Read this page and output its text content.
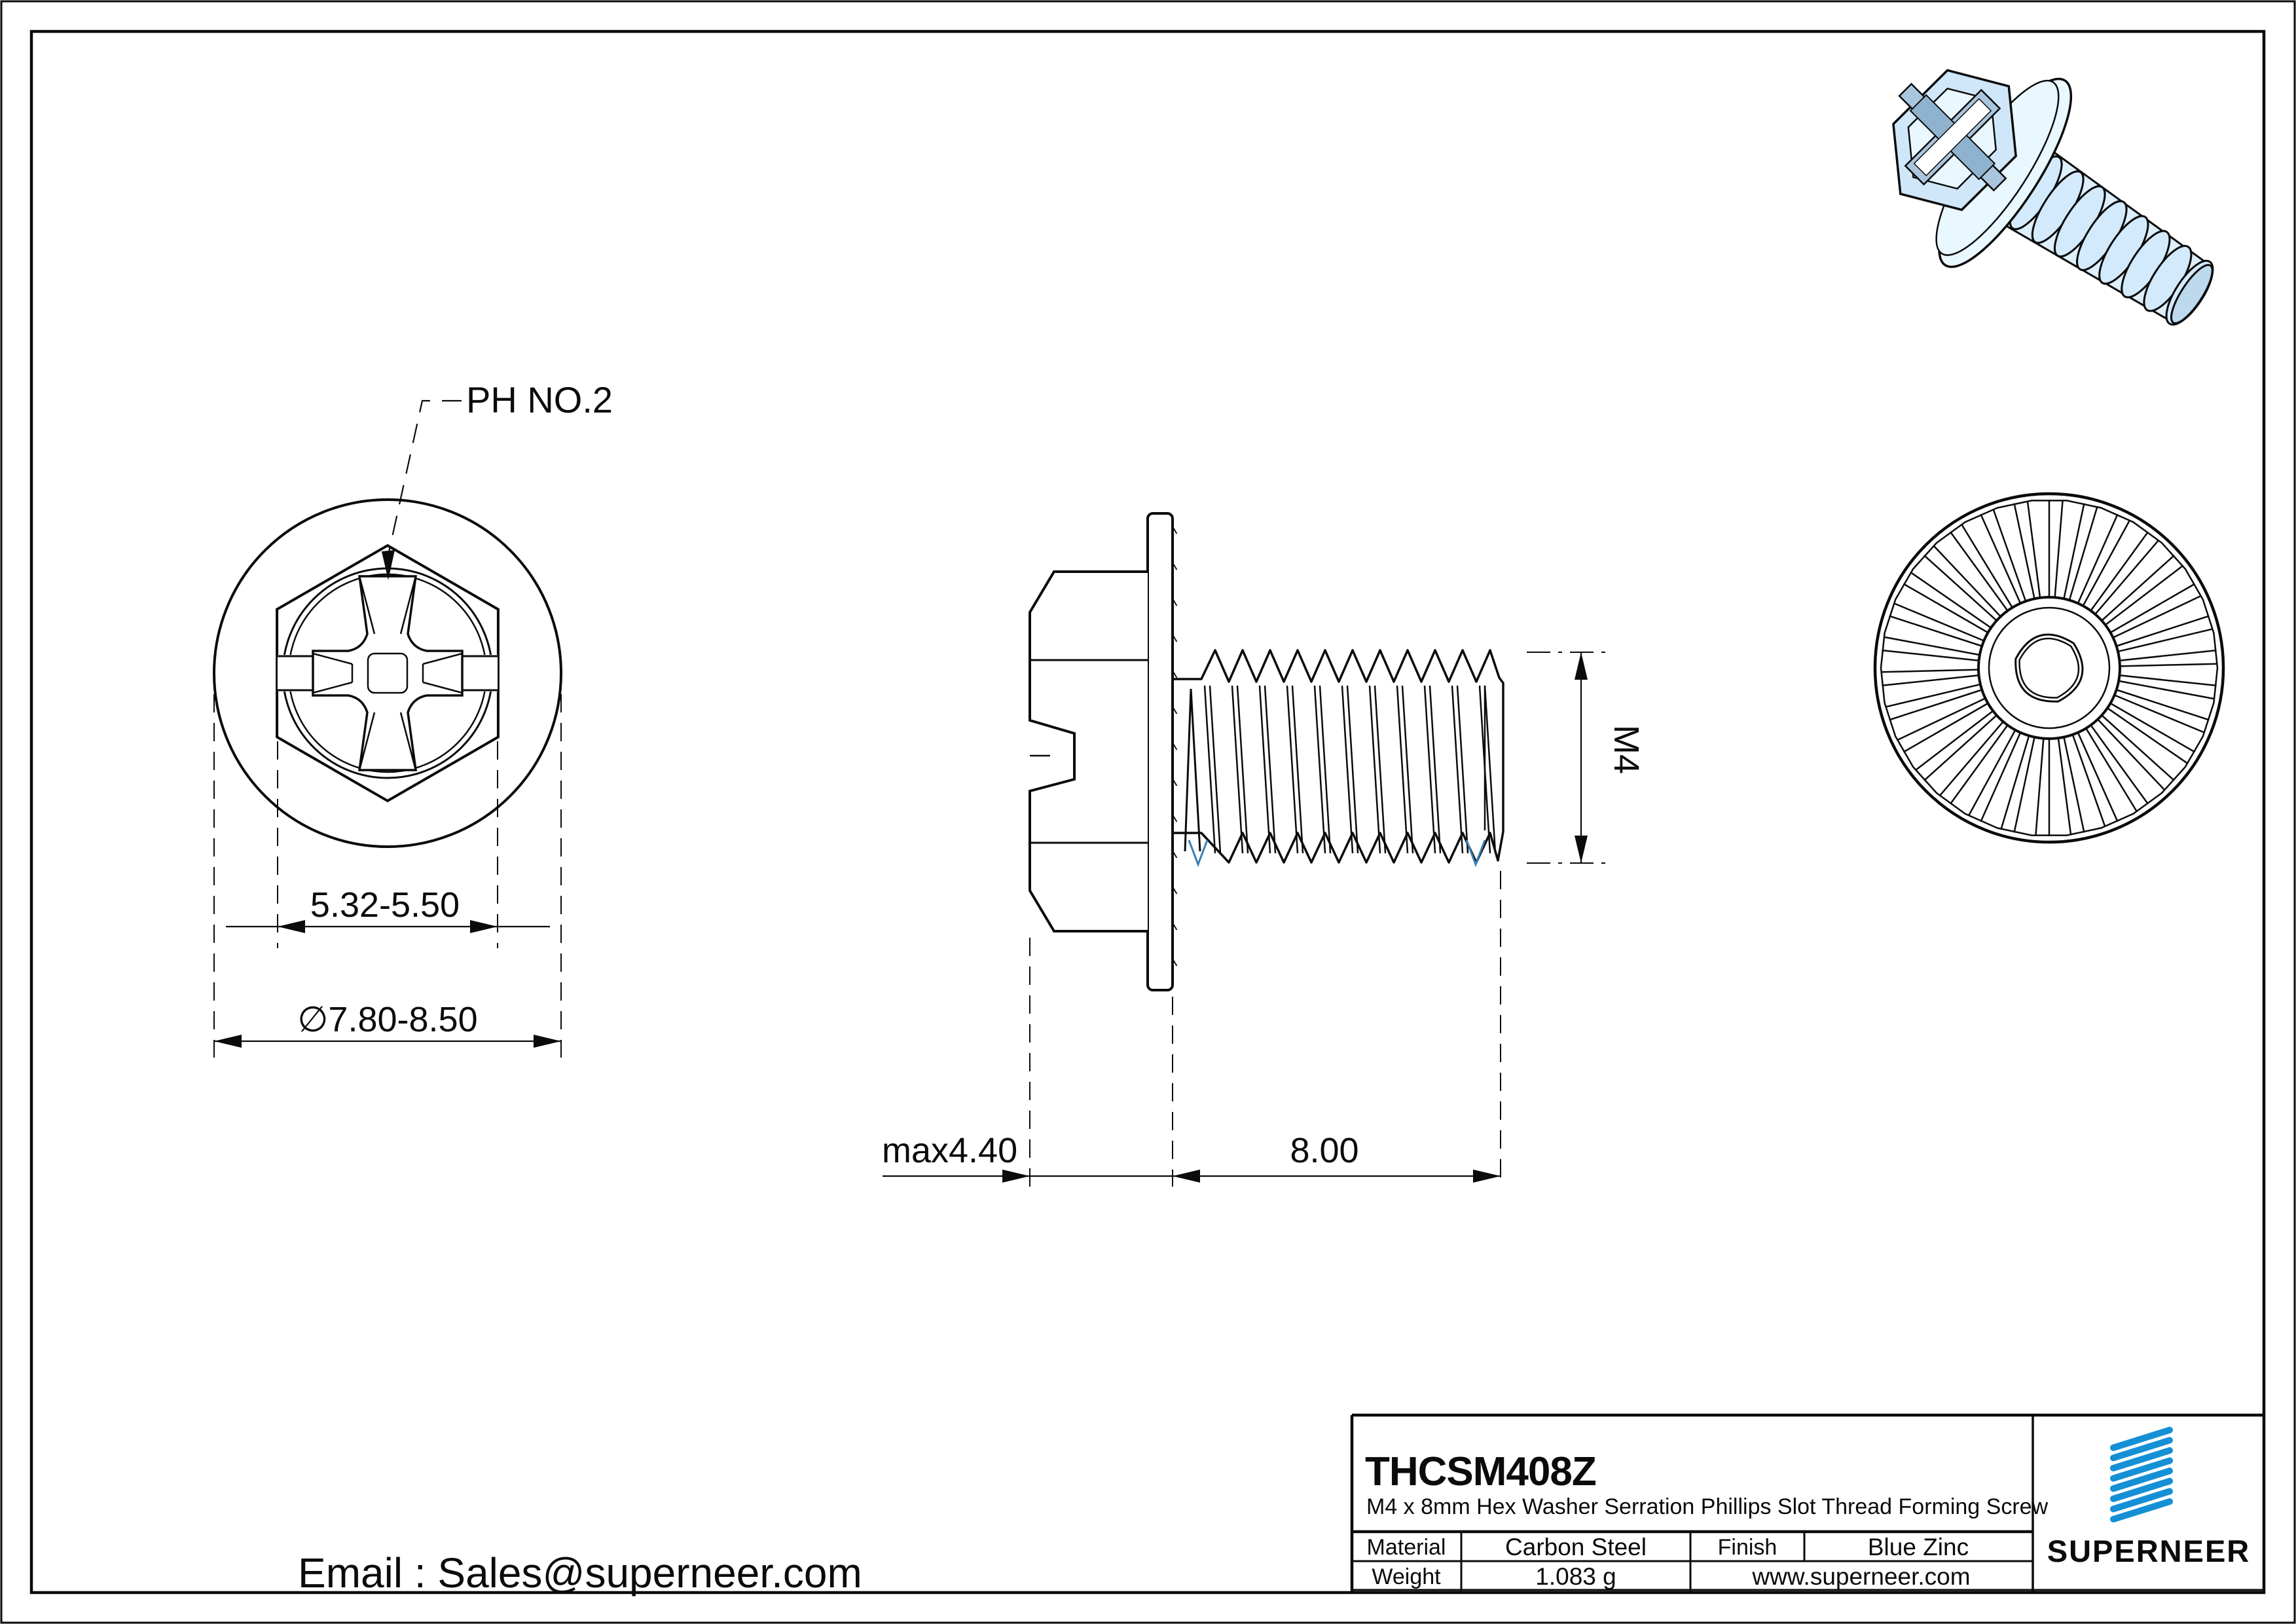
PH NO.2
5.32-5.50
∅7.80-8.50
max4.40	8.00
M4
THCSM408Z
M4 x 8mm Hex Washer Serration Phillips Slot Thread Forming Screw
Material Carbon Steel	Finish	Blue Zinc
Weight	1.083 g	www.superneer.com
SUPERNEER
Email : Sales@superneer.com
